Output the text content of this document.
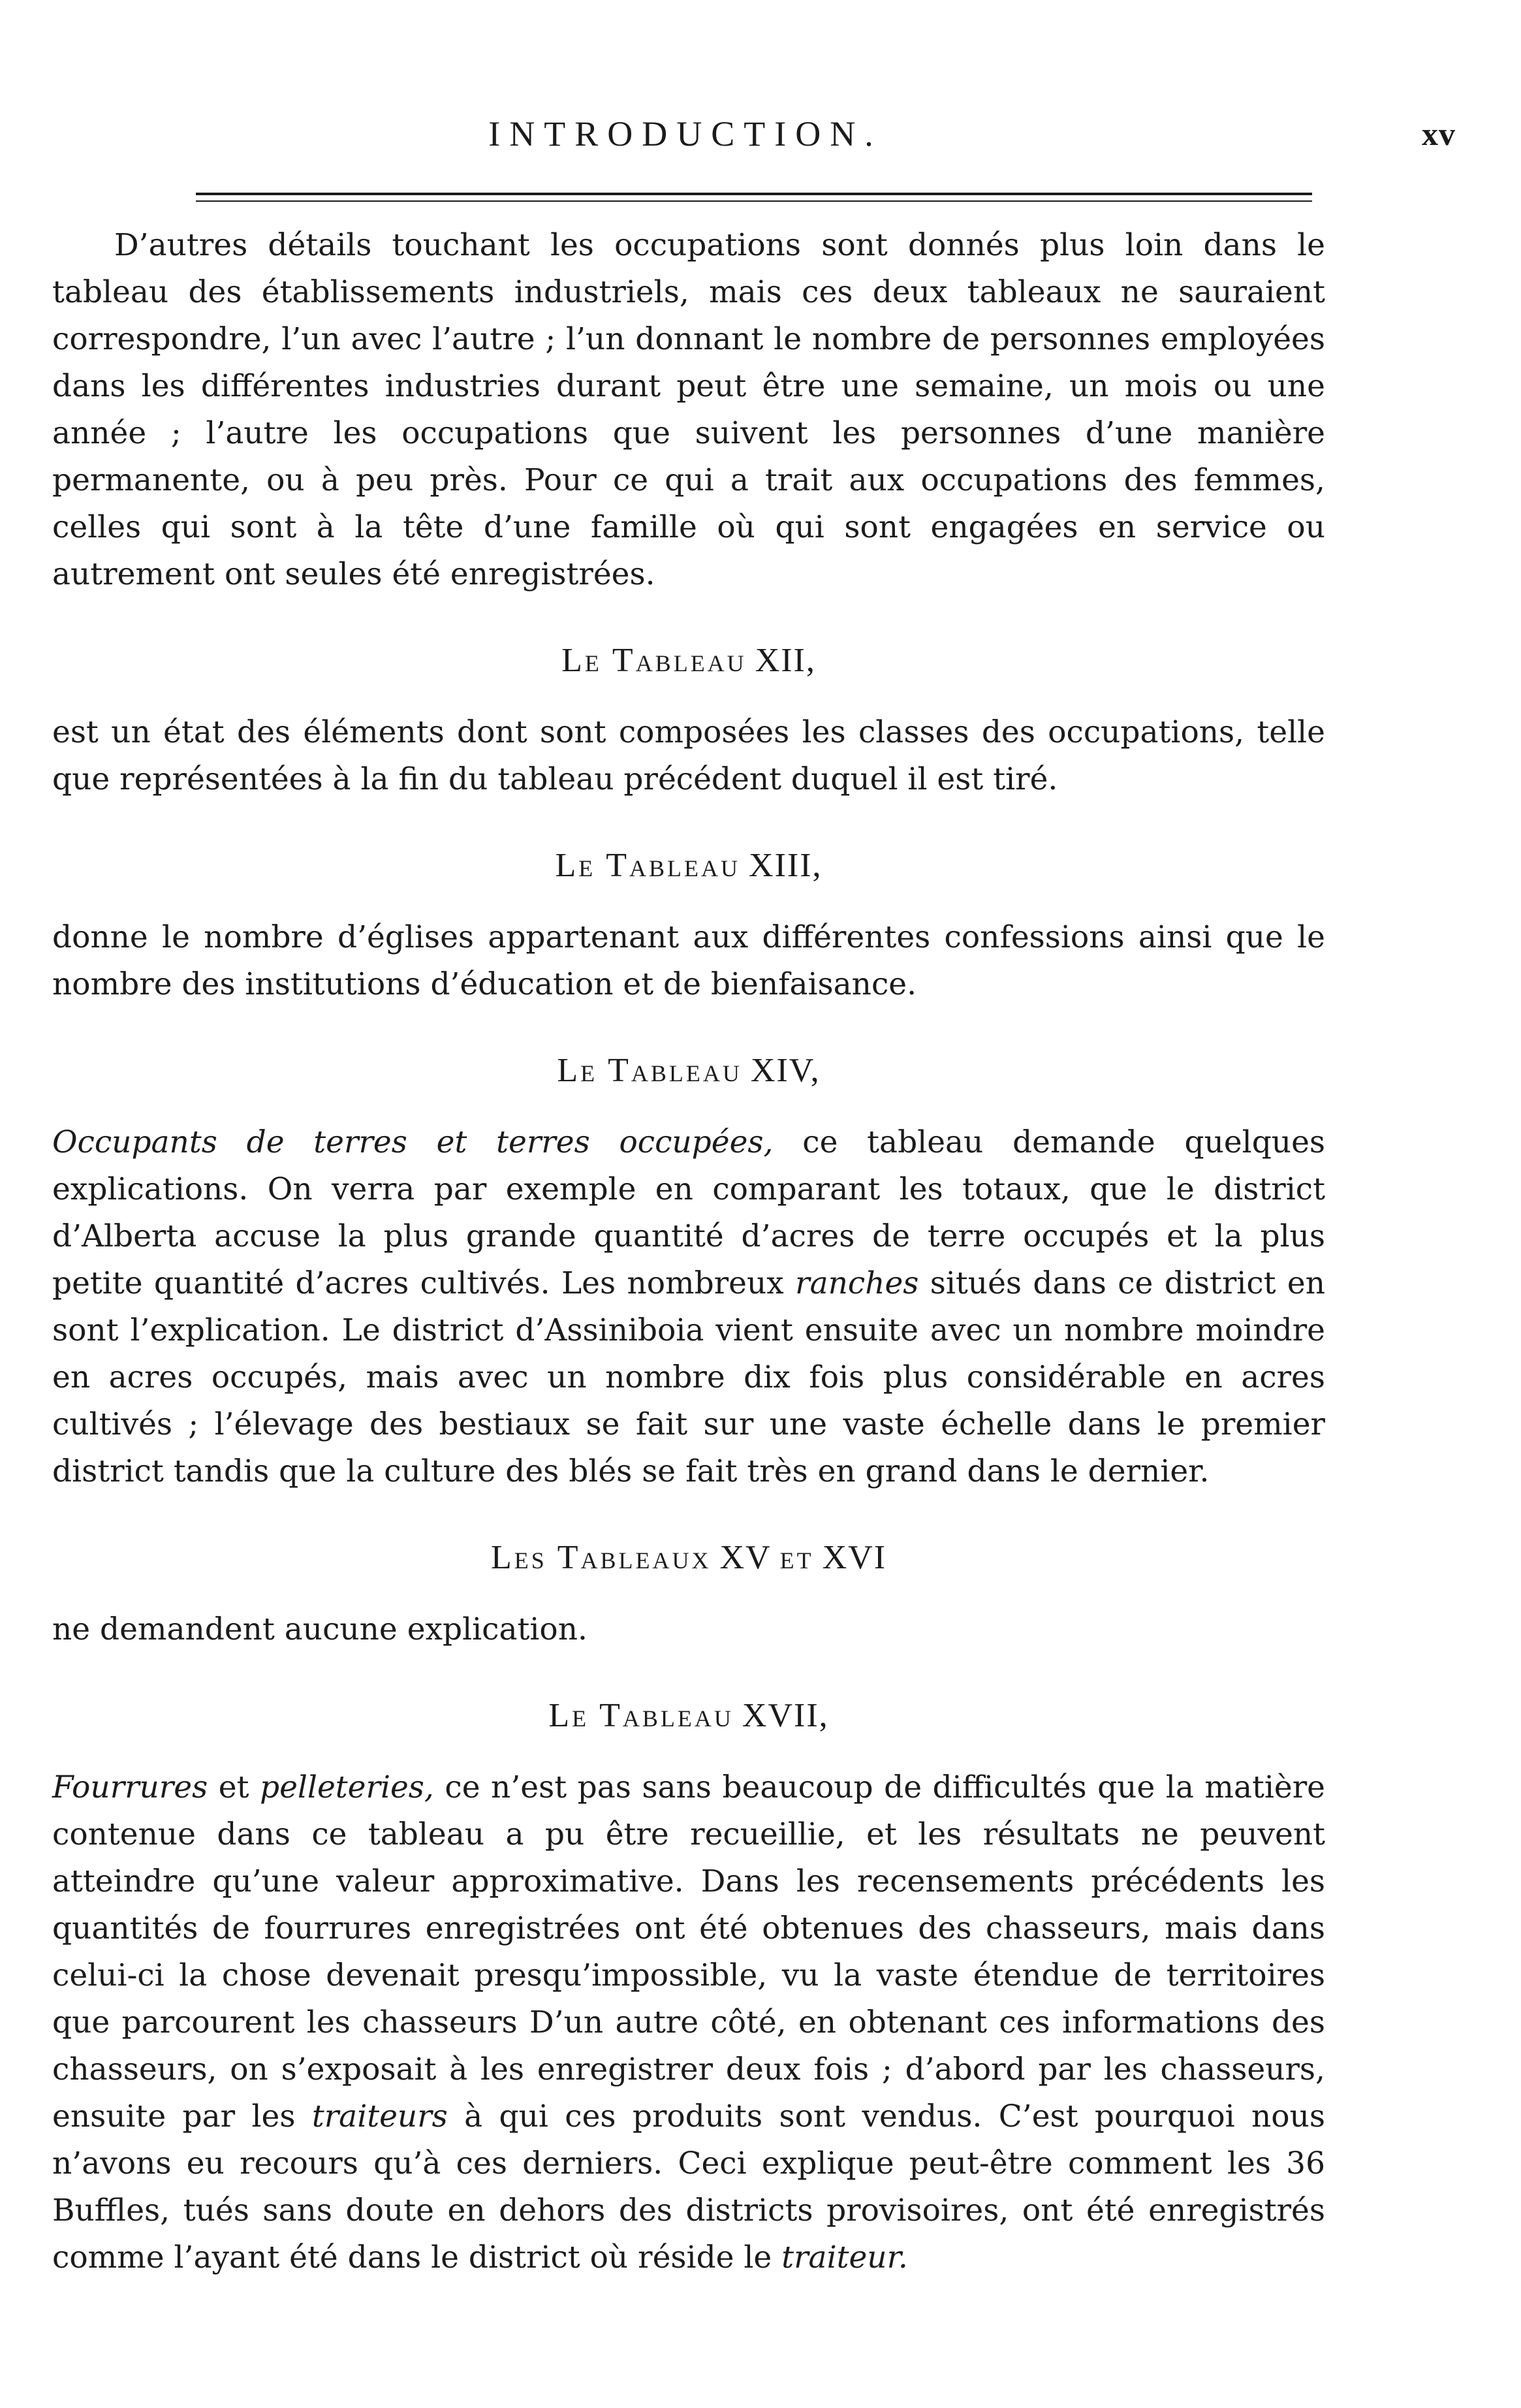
INTRODUCTION.	xv

D’autres détails touchant les occupations sont donnés plus loin dans le tableau des établissements industriels, mais ces deux tableaux ne sauraient correspondre, l’un avec l’autre ; l’un donnant le nombre de personnes employées dans les différentes industries durant peut être une semaine, un mois ou une année ; l’autre les occupations que suivent les personnes d’une manière permanente, ou à peu près. Pour ce qui a trait aux occupations des femmes, celles qui sont à la tête d’une famille où qui sont engagées en service ou autrement ont seules été enregistrées.

Le Tableau XII,

est un état des éléments dont sont composées les classes des occupations, telle que représentées à la fin du tableau précédent duquel il est tiré.

Le Tableau XIII,

donne le nombre d’églises appartenant aux différentes confessions ainsi que le nombre des institutions d’éducation et de bienfaisance.

Le Tableau XIV,

Occupants de terres et terres occupées, ce tableau demande quelques explications. On verra par exemple en comparant les totaux, que le district d’Alberta accuse la plus grande quantité d’acres de terre occupés et la plus petite quantité d’acres cultivés. Les nombreux ranches situés dans ce district en sont l’explication. Le district d’Assiniboia vient ensuite avec un nombre moindre en acres occupés, mais avec un nombre dix fois plus considérable en acres cultivés ; l’élevage des bestiaux se fait sur une vaste échelle dans le premier district tandis que la culture des blés se fait très en grand dans le dernier.

Les Tableaux XV et XVI

ne demandent aucune explication.

Le Tableau XVII,

Fourrures et pelleteries, ce n’est pas sans beaucoup de difficultés que la matière contenue dans ce tableau a pu être recueillie, et les résultats ne peuvent atteindre qu’une valeur approximative. Dans les recensements précédents les quantités de fourrures enregistrées ont été obtenues des chasseurs, mais dans celui-ci la chose devenait presqu’impossible, vu la vaste étendue de territoires que parcourent les chasseurs D’un autre côté, en obtenant ces informations des chasseurs, on s’exposait à les enregistrer deux fois ; d’abord par les chasseurs, ensuite par les traiteurs à qui ces produits sont vendus. C’est pourquoi nous n’avons eu recours qu’à ces derniers. Ceci explique peut-être comment les 36 Buffles, tués sans doute en dehors des districts provisoires, ont été enregistrés comme l’ayant été dans le district où réside le traiteur.
